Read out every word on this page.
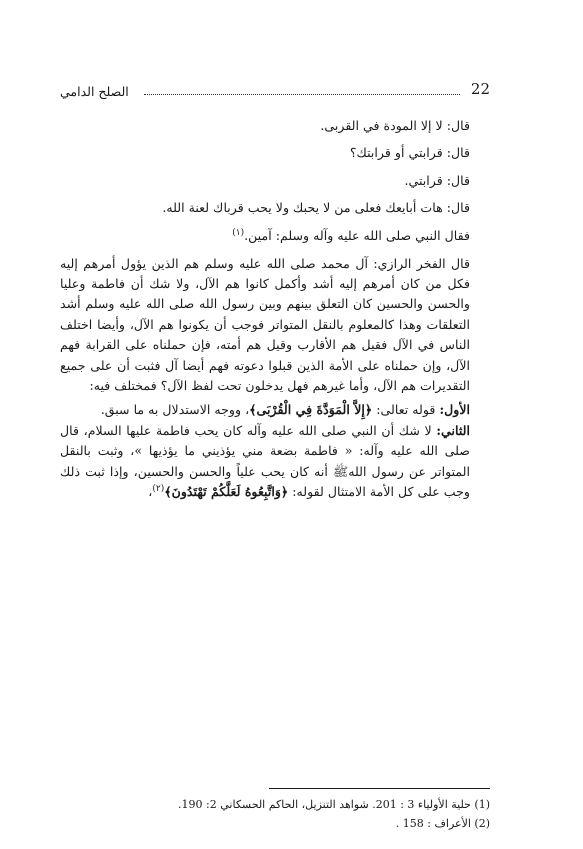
22
الصلح الدامي

قال: لا إلا المودة في القربى.

قال: قرابتي أو قرابتك؟

قال: قرابتي.

قال: هات أبايعك فعلى من لا يحبك ولا يحب قرباك لعنة الله.

فقال النبي صلى الله عليه وآله وسلم: آمين.$^{(١)}$

قال الفخر الرازي: آل محمد صلى الله عليه وسلم هم الذين يؤول أمرهم إليه فكل من كان أمرهم إليه أشد وأكمل كانوا هم الآل، ولا شك أن فاطمة وعليا والحسن والحسين كان التعلق بينهم وبين رسول الله صلى الله عليه وسلم أشد التعلقات وهذا كالمعلوم بالنقل المتواتر فوجب أن يكونوا هم الآل، وأيضا اختلف الناس في الآل فقيل هم الأقارب وقيل هم أمته، فإن حملناه على القرابة فهم الآل، وإن حملناه على الأمة الذين قبلوا دعوته فهم أيضا آل فثبت أن على جميع التقديرات هم الآل، وأما غيرهم فهل يدخلون تحت لفظ الآل؟ فمختلف فيه:

الأول: قوله تعالى: ﴿إِلاَّ الْمَوَدَّةَ فِي الْقُرْبَى﴾، ووجه الاستدلال به ما سبق.

الثاني: لا شك أن النبي صلى الله عليه وآله كان يحب فاطمة عليها السلام، قال صلى الله عليه وآله: « فاطمة بضعة مني يؤذيني ما يؤذيها »، وثبت بالنقل المتواتر عن رسول اللهﷺ أنه كان يحب علياً والحسن والحسين، وإذا ثبت ذلك وجب على كل الأمة الامتثال لقوله: ﴿وَاتَّبِعُوهُ لَعَلَّكُمْ تَهْتَدُونَ﴾$^{(٢)}$،

(1) حلية الأولياء 3 : 201. شواهد التنزيل، الحاكم الحسكاني 2: 190.
(2) الأعراف : 158 .
